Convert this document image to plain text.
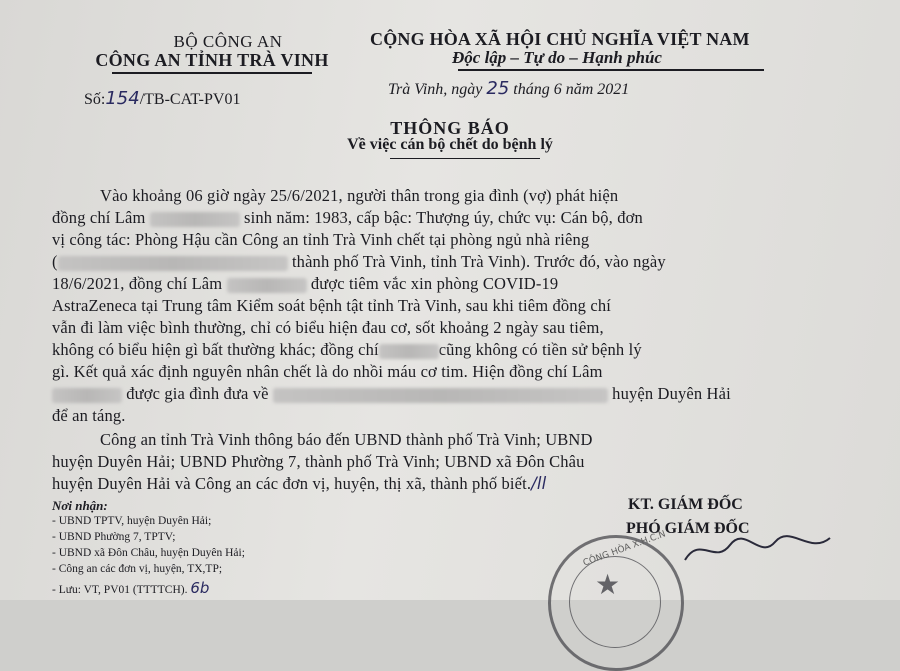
BỘ CÔNG AN
CÔNG AN TỈNH TRÀ VINH
CỘNG HÒA XÃ HỘI CHỦ NGHĨA VIỆT NAM
Độc lập – Tự do – Hạnh phúc
Số:154/TB-CAT-PV01
Trà Vinh, ngày 25 tháng 6 năm 2021
THÔNG BÁO
Về việc cán bộ chết do bệnh lý
Vào khoảng 06 giờ ngày 25/6/2021, người thân trong gia đình (vợ) phát hiện
đồng chí Lâm	sinh năm: 1983, cấp bậc: Thượng úy, chức vụ: Cán bộ, đơn
vị công tác: Phòng Hậu cần Công an tỉnh Trà Vinh chết tại phòng ngủ nhà riêng
(	thành phố Trà Vinh, tỉnh Trà Vinh). Trước đó, vào ngày
18/6/2021, đồng chí Lâm	được tiêm vắc xin phòng COVID-19
AstraZeneca tại Trung tâm Kiểm soát bệnh tật tỉnh Trà Vinh, sau khi tiêm đồng chí
vẫn đi làm việc bình thường, chỉ có biểu hiện đau cơ, sốt khoảng 2 ngày sau tiêm,
không có biểu hiện gì bất thường khác; đồng chí	cũng không có tiền sử bệnh lý
gì. Kết quả xác định nguyên nhân chết là do nhồi máu cơ tim. Hiện đồng chí Lâm
được gia đình đưa về	huyện Duyên Hải
để an táng.
Công an tỉnh Trà Vinh thông báo đến UBND thành phố Trà Vinh; UBND
huyện Duyên Hải; UBND Phường 7, thành phố Trà Vinh; UBND xã Đôn Châu
huyện Duyên Hải và Công an các đơn vị, huyện, thị xã, thành phố biết./ll
Nơi nhận:
- UBND TPTV, huyện Duyên Hải;
- UBND Phường 7, TPTV;
- UBND xã Đôn Châu, huyện Duyên Hải;
- Công an các đơn vị, huyện, TX,TP;
- Lưu: VT, PV01 (TTTTCH). 6b
KT. GIÁM ĐỐC
PHÓ GIÁM ĐỐC
CÔNG HÒA X.H.C.N
★
